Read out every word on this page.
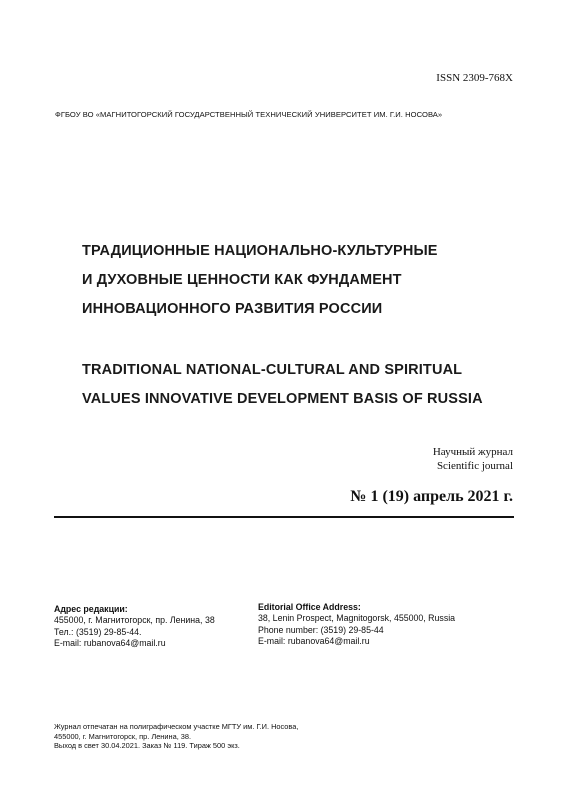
ISSN 2309-768X
ФГБОУ ВО «МАГНИТОГОРСКИЙ ГОСУДАРСТВЕННЫЙ ТЕХНИЧЕСКИЙ УНИВЕРСИТЕТ ИМ. Г.И. НОСОВА»
ТРАДИЦИОННЫЕ НАЦИОНАЛЬНО-КУЛЬТУРНЫЕ
И ДУХОВНЫЕ ЦЕННОСТИ КАК ФУНДАМЕНТ
ИННОВАЦИОННОГО РАЗВИТИЯ РОССИИ
TRADITIONAL NATIONAL-CULTURAL AND SPIRITUAL
VALUES INNOVATIVE DEVELOPMENT BASIS OF RUSSIA
Научный журнал
Scientific journal
№ 1 (19) апрель 2021 г.
Адрес редакции:
455000, г. Магнитогорск, пр. Ленина, 38
Тел.: (3519) 29-85-44.
E-mail: rubanova64@mail.ru
Editorial Office Address:
38, Lenin Prospect, Magnitogorsk, 455000, Russia
Phone number: (3519) 29-85-44
E-mail: rubanova64@mail.ru
Журнал отпечатан на полиграфическом участке МГТУ им. Г.И. Носова,
455000, г. Магнитогорск, пр. Ленина, 38.
Выход в свет 30.04.2021. Заказ № 119. Тираж 500 экз.
